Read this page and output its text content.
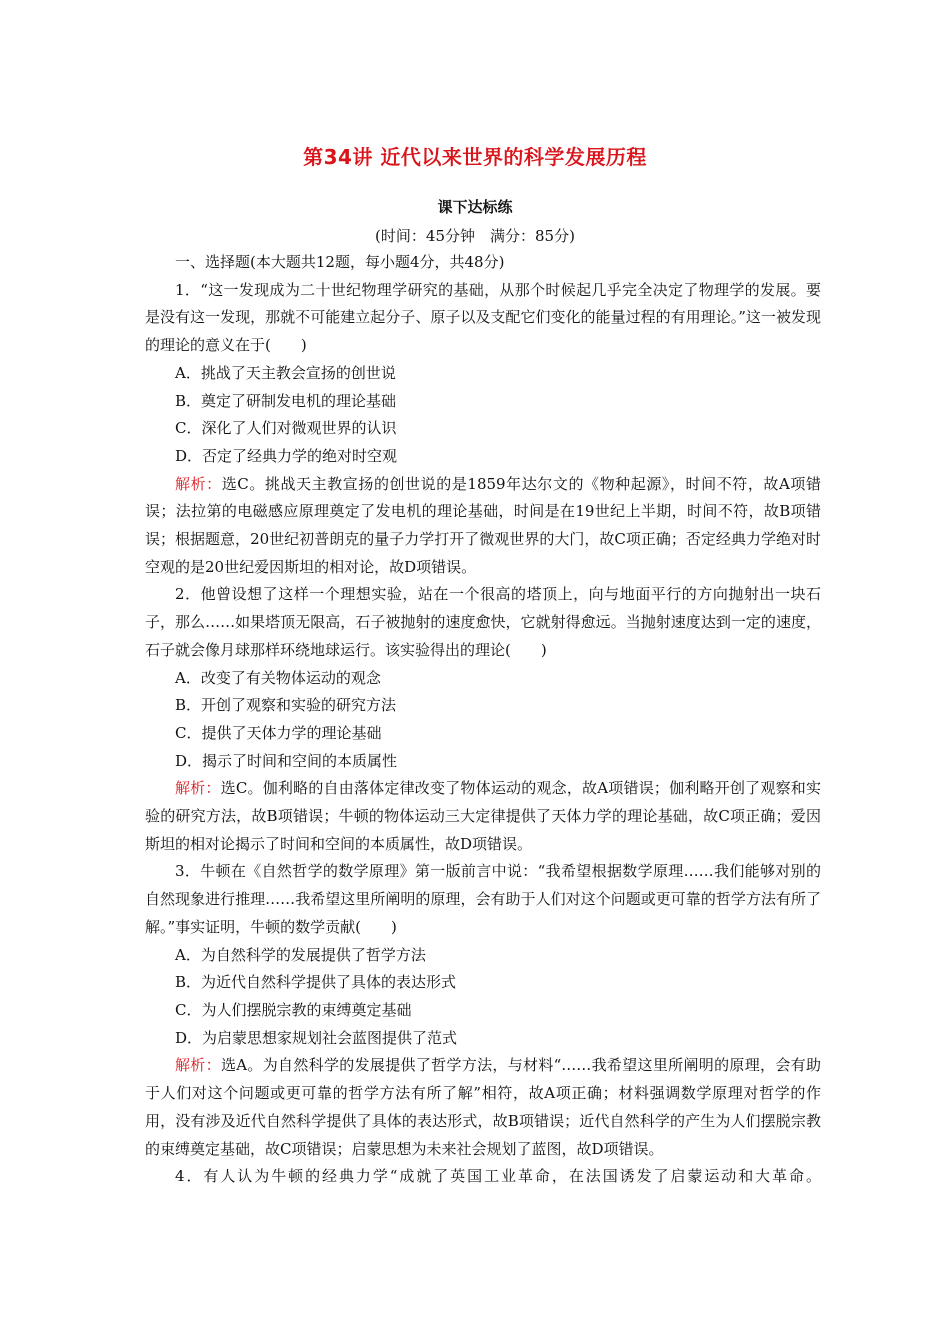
第34讲 近代以来世界的科学发展历程
课下达标练
(时间：45分钟　满分：85分)
一、选择题(本大题共12题，每小题4分，共48分)
1．“这一发现成为二十世纪物理学研究的基础，从那个时候起几乎完全决定了物理学的发展。要是没有这一发现，那就不可能建立起分子、原子以及支配它们变化的能量过程的有用理论。”这一被发现的理论的意义在于(　　)
A．挑战了天主教会宣扬的创世说
B．奠定了研制发电机的理论基础
C．深化了人们对微观世界的认识
D．否定了经典力学的绝对时空观
解析：选C。挑战天主教宣扬的创世说的是1859年达尔文的《物种起源》，时间不符，故A项错误；法拉第的电磁感应原理奠定了发电机的理论基础，时间是在19世纪上半期，时间不符，故B项错误；根据题意，20世纪初普朗克的量子力学打开了微观世界的大门，故C项正确；否定经典力学绝对时空观的是20世纪爱因斯坦的相对论，故D项错误。
2．他曾设想了这样一个理想实验，站在一个很高的塔顶上，向与地面平行的方向抛射出一块石子，那么……如果塔顶无限高，石子被抛射的速度愈快，它就射得愈远。当抛射速度达到一定的速度，石子就会像月球那样环绕地球运行。该实验得出的理论(　　)
A．改变了有关物体运动的观念
B．开创了观察和实验的研究方法
C．提供了天体力学的理论基础
D．揭示了时间和空间的本质属性
解析：选C。伽利略的自由落体定律改变了物体运动的观念，故A项错误；伽利略开创了观察和实验的研究方法，故B项错误；牛顿的物体运动三大定律提供了天体力学的理论基础，故C项正确；爱因斯坦的相对论揭示了时间和空间的本质属性，故D项错误。
3．牛顿在《自然哲学的数学原理》第一版前言中说：“我希望根据数学原理……我们能够对别的自然现象进行推理……我希望这里所阐明的原理，会有助于人们对这个问题或更可靠的哲学方法有所了解。”事实证明，牛顿的数学贡献(　　)
A．为自然科学的发展提供了哲学方法
B．为近代自然科学提供了具体的表达形式
C．为人们摆脱宗教的束缚奠定基础
D．为启蒙思想家规划社会蓝图提供了范式
解析：选A。为自然科学的发展提供了哲学方法，与材料“……我希望这里所阐明的原理，会有助于人们对这个问题或更可靠的哲学方法有所了解”相符，故A项正确；材料强调数学原理对哲学的作用，没有涉及近代自然科学提供了具体的表达形式，故B项错误；近代自然科学的产生为人们摆脱宗教的束缚奠定基础，故C项错误；启蒙思想为未来社会规划了蓝图，故D项错误。
4．有人认为牛顿的经典力学“成就了英国工业革命，在法国诱发了启蒙运动和大革命。
